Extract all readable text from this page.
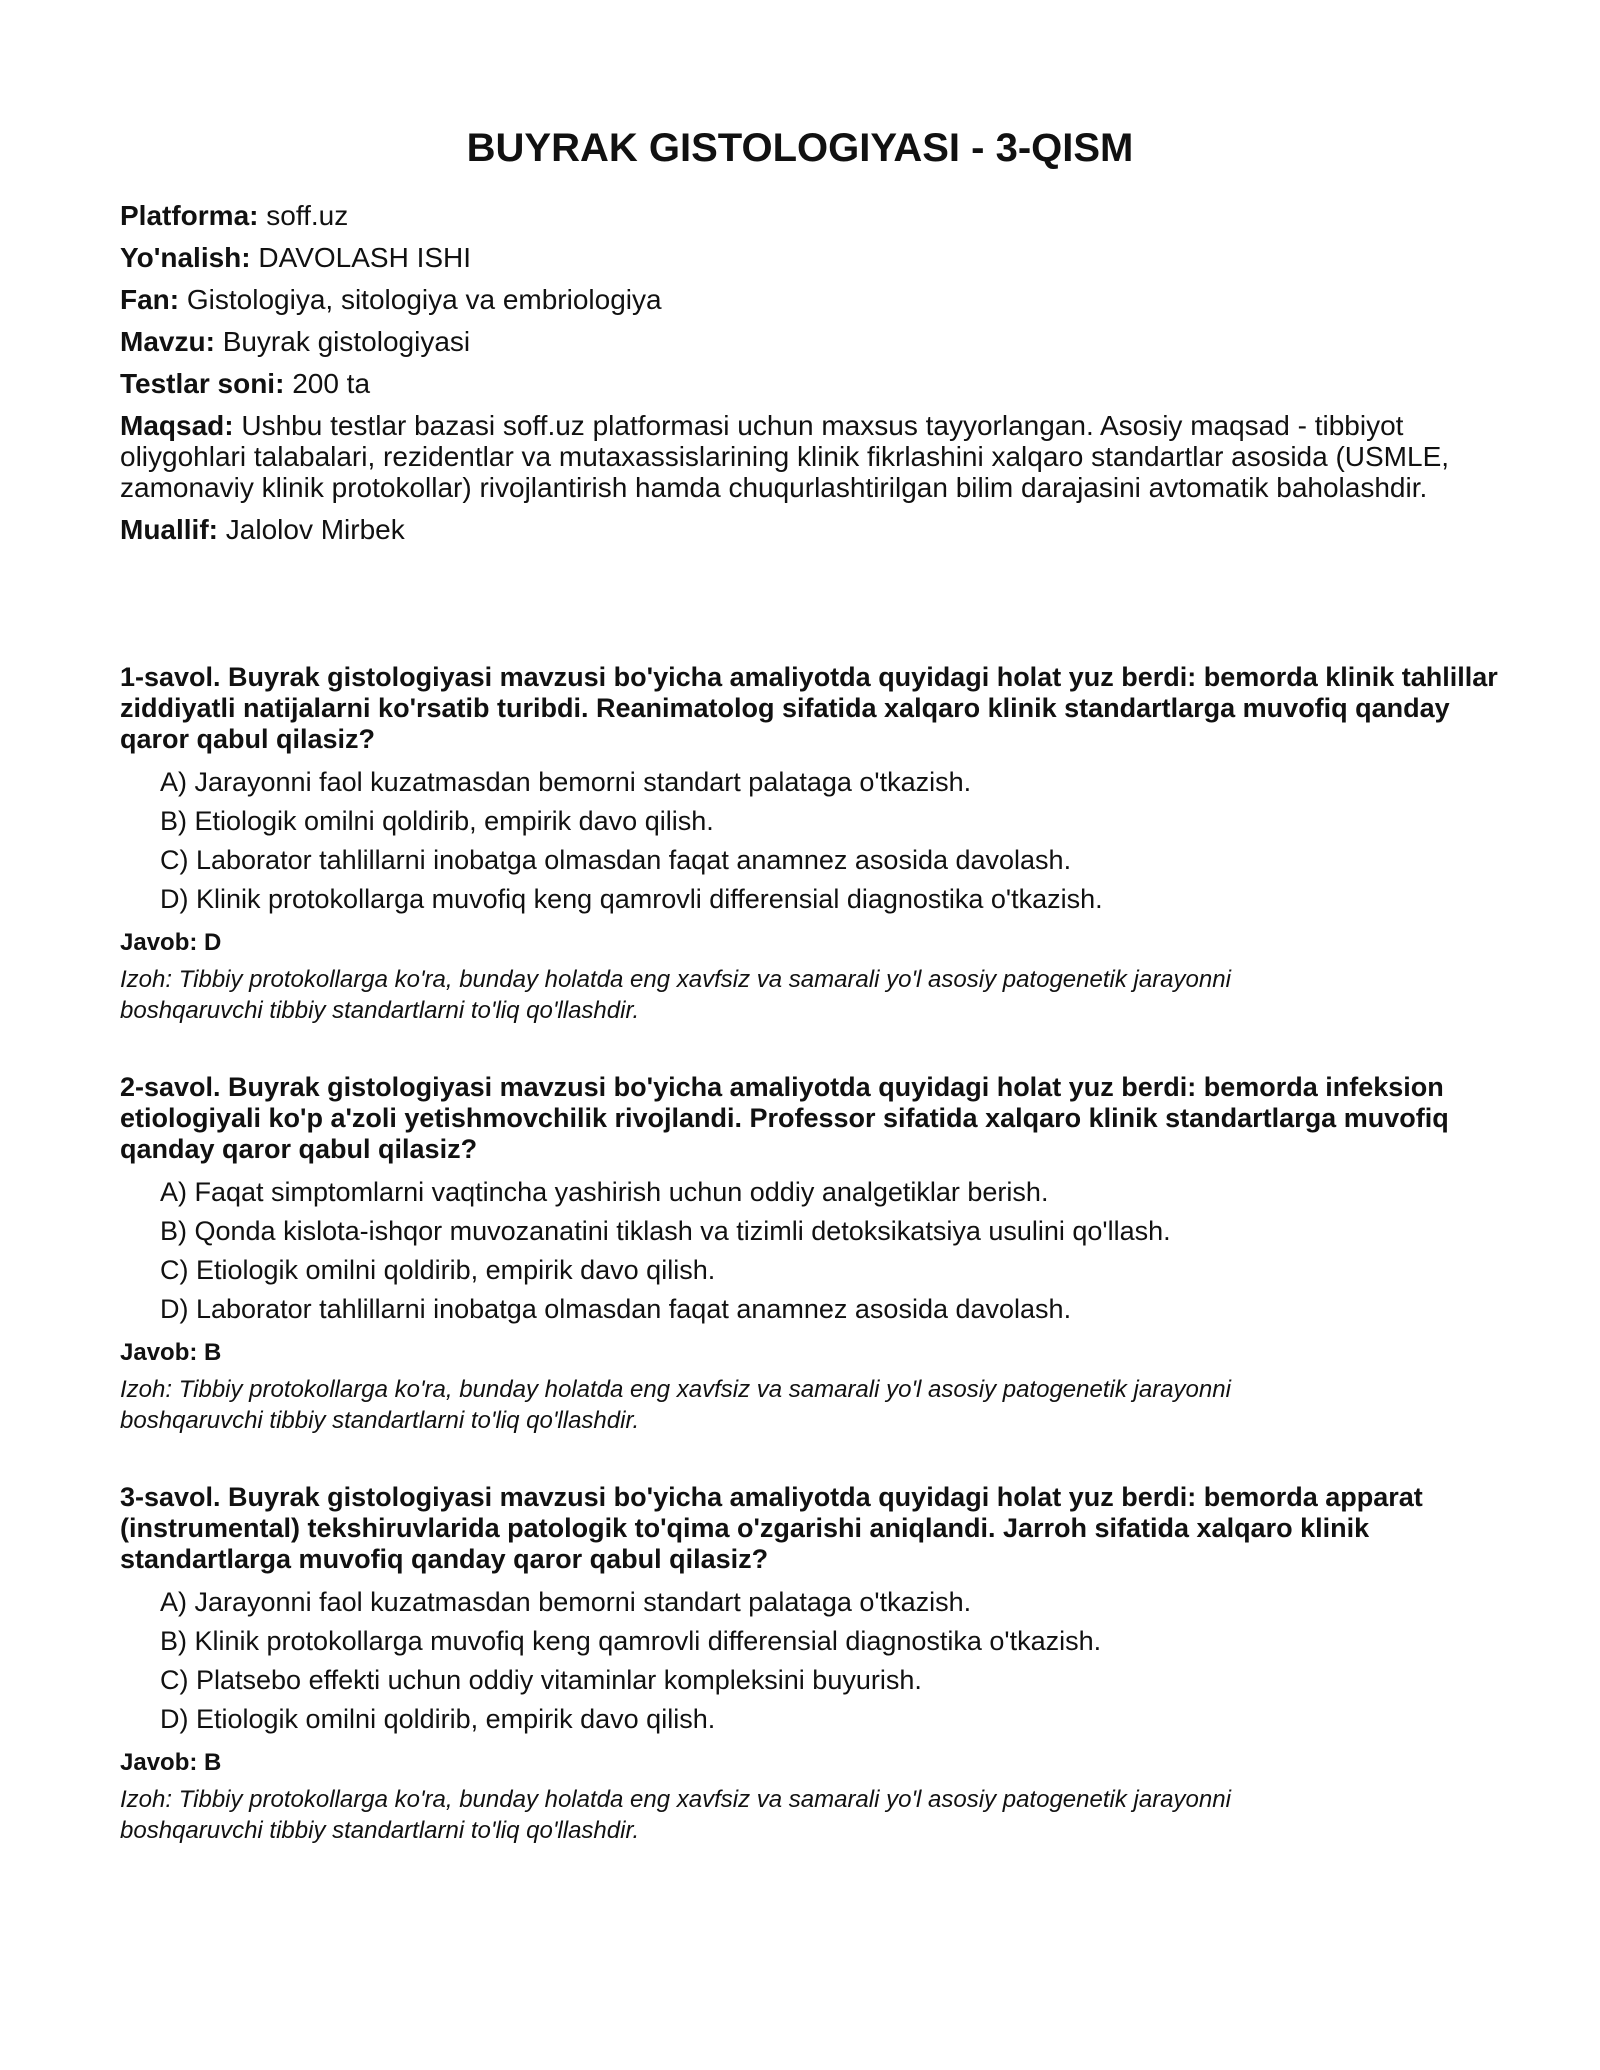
BUYRAK GISTOLOGIYASI - 3-QISM

Platforma: soff.uz

Yo'nalish: DAVOLASH ISHI

Fan: Gistologiya, sitologiya va embriologiya

Mavzu: Buyrak gistologiyasi

Testlar soni: 200 ta

Maqsad: Ushbu testlar bazasi soff.uz platformasi uchun maxsus tayyorlangan. Asosiy maqsad - tibbiyot oliygohlari talabalari, rezidentlar va mutaxassislarining klinik fikrlashini xalqaro standartlar asosida (USMLE, zamonaviy klinik protokollar) rivojlantirish hamda chuqurlashtirilgan bilim darajasini avtomatik baholashdir.

Muallif: Jalolov Mirbek

1-savol. Buyrak gistologiyasi mavzusi bo'yicha amaliyotda quyidagi holat yuz berdi: bemorda klinik tahlillar ziddiyatli natijalarni ko'rsatib turibdi. Reanimatolog sifatida xalqaro klinik standartlarga muvofiq qanday qaror qabul qilasiz?

A) Jarayonni faol kuzatmasdan bemorni standart palataga o'tkazish.

B) Etiologik omilni qoldirib, empirik davo qilish.

C) Laborator tahlillarni inobatga olmasdan faqat anamnez asosida davolash.

D) Klinik protokollarga muvofiq keng qamrovli differensial diagnostika o'tkazish.

Javob: D

Izoh: Tibbiy protokollarga ko'ra, bunday holatda eng xavfsiz va samarali yo'l asosiy patogenetik jarayonni boshqaruvchi tibbiy standartlarni to'liq qo'llashdir.

2-savol. Buyrak gistologiyasi mavzusi bo'yicha amaliyotda quyidagi holat yuz berdi: bemorda infeksion etiologiyali ko'p a'zoli yetishmovchilik rivojlandi. Professor sifatida xalqaro klinik standartlarga muvofiq qanday qaror qabul qilasiz?

A) Faqat simptomlarni vaqtincha yashirish uchun oddiy analgetiklar berish.

B) Qonda kislota-ishqor muvozanatini tiklash va tizimli detoksikatsiya usulini qo'llash.

C) Etiologik omilni qoldirib, empirik davo qilish.

D) Laborator tahlillarni inobatga olmasdan faqat anamnez asosida davolash.

Javob: B

Izoh: Tibbiy protokollarga ko'ra, bunday holatda eng xavfsiz va samarali yo'l asosiy patogenetik jarayonni boshqaruvchi tibbiy standartlarni to'liq qo'llashdir.

3-savol. Buyrak gistologiyasi mavzusi bo'yicha amaliyotda quyidagi holat yuz berdi: bemorda apparat (instrumental) tekshiruvlarida patologik to'qima o'zgarishi aniqlandi. Jarroh sifatida xalqaro klinik standartlarga muvofiq qanday qaror qabul qilasiz?

A) Jarayonni faol kuzatmasdan bemorni standart palataga o'tkazish.

B) Klinik protokollarga muvofiq keng qamrovli differensial diagnostika o'tkazish.

C) Platsebo effekti uchun oddiy vitaminlar kompleksini buyurish.

D) Etiologik omilni qoldirib, empirik davo qilish.

Javob: B

Izoh: Tibbiy protokollarga ko'ra, bunday holatda eng xavfsiz va samarali yo'l asosiy patogenetik jarayonni boshqaruvchi tibbiy standartlarni to'liq qo'llashdir.
